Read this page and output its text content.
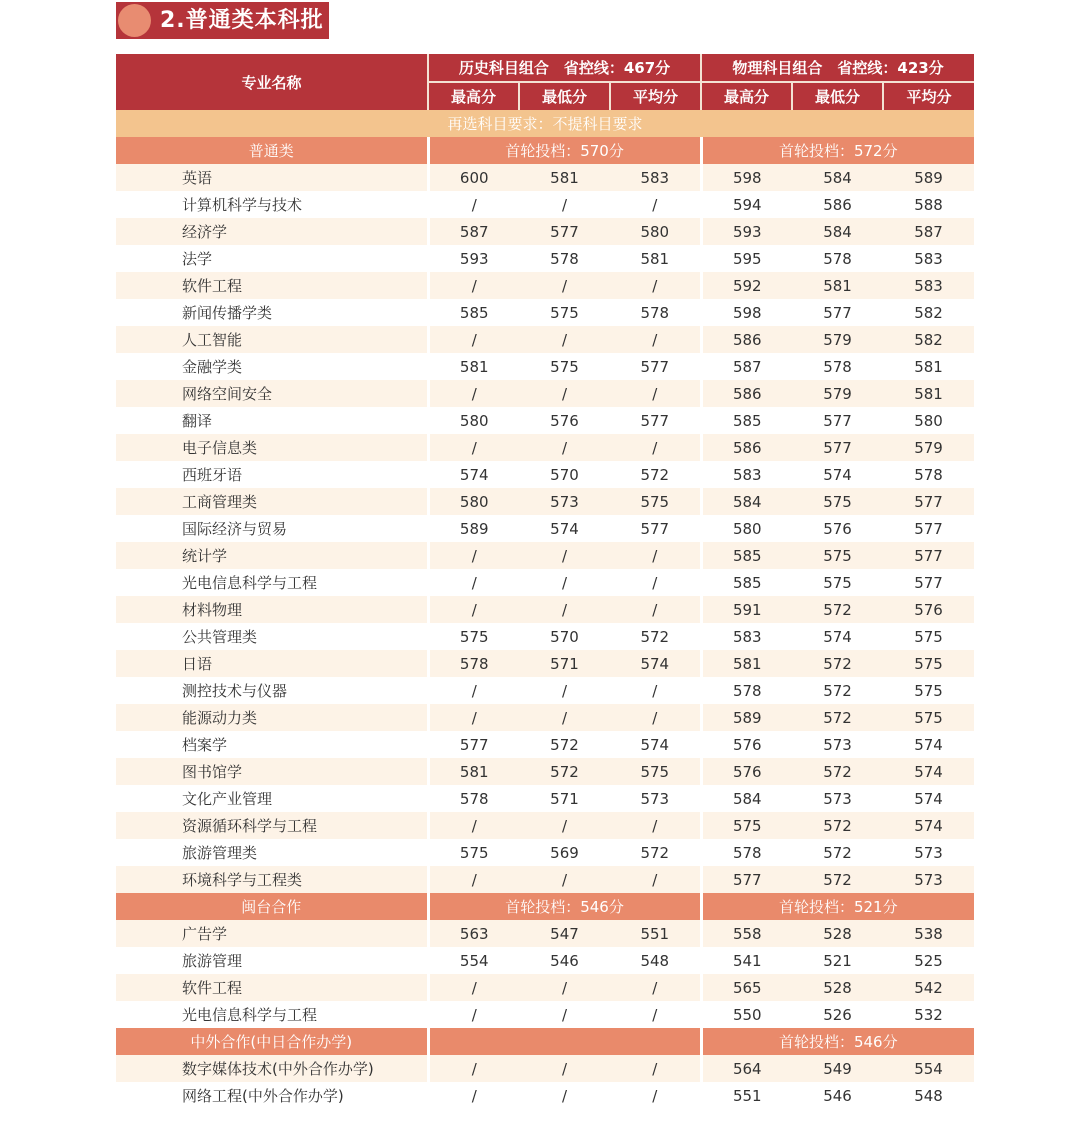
2.普通类本科批
专业名称	历史科目组合　省控线：467分			物理科目组合　省控线：423分		
	最高分	最低分	平均分	最高分	最低分	平均分
再选科目要求：不提科目要求						
普通类	首轮投档：570分			首轮投档：572分		
英语	600	581	583	598	584	589
计算机科学与技术	/	/	/	594	586	588
经济学	587	577	580	593	584	587
法学	593	578	581	595	578	583
软件工程	/	/	/	592	581	583
新闻传播学类	585	575	578	598	577	582
人工智能	/	/	/	586	579	582
金融学类	581	575	577	587	578	581
网络空间安全	/	/	/	586	579	581
翻译	580	576	577	585	577	580
电子信息类	/	/	/	586	577	579
西班牙语	574	570	572	583	574	578
工商管理类	580	573	575	584	575	577
国际经济与贸易	589	574	577	580	576	577
统计学	/	/	/	585	575	577
光电信息科学与工程	/	/	/	585	575	577
材料物理	/	/	/	591	572	576
公共管理类	575	570	572	583	574	575
日语	578	571	574	581	572	575
测控技术与仪器	/	/	/	578	572	575
能源动力类	/	/	/	589	572	575
档案学	577	572	574	576	573	574
图书馆学	581	572	575	576	572	574
文化产业管理	578	571	573	584	573	574
资源循环科学与工程	/	/	/	575	572	574
旅游管理类	575	569	572	578	572	573
环境科学与工程类	/	/	/	577	572	573
闽台合作	首轮投档：546分			首轮投档：521分		
广告学	563	547	551	558	528	538
旅游管理	554	546	548	541	521	525
软件工程	/	/	/	565	528	542
光电信息科学与工程	/	/	/	550	526	532
中外合作(中日合作办学)				首轮投档：546分		
数字媒体技术(中外合作办学)	/	/	/	564	549	554
网络工程(中外合作办学)	/	/	/	551	546	548
